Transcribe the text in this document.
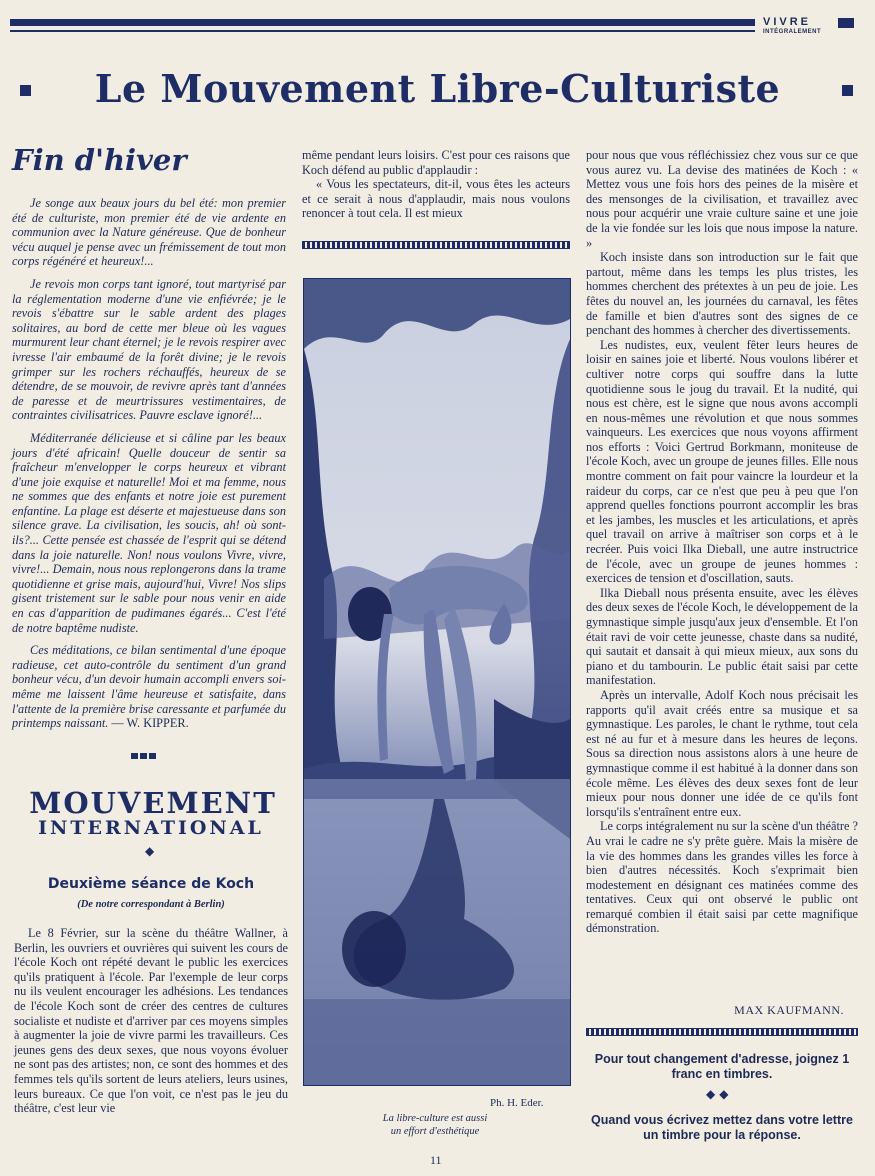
VIVRE
INTÉGRALEMENT
Le Mouvement Libre-Culturiste
Fin d'hiver

Je songe aux beaux jours du bel été: mon premier été de culturiste, mon premier été de vie ardente en communion avec la Nature généreuse. Que de bonheur vécu auquel je pense avec un frémissement de tout mon corps régénéré et heureux!...

Je revois mon corps tant ignoré, tout martyrisé par la réglementation moderne d'une vie enfiévrée; je le revois s'ébattre sur le sable ardent des plages solitaires, au bord de cette mer bleue où les vagues murmurent leur chant éternel; je le revois respirer avec ivresse l'air embaumé de la forêt divine; je le revois grimper sur les rochers réchauffés, heureux de se détendre, de se mouvoir, de revivre après tant d'années de paresse et de meurtrissures vestimentaires, de contraintes civilisatrices. Pauvre esclave ignoré!...

Méditerranée délicieuse et si câline par les beaux jours d'été africain! Quelle douceur de sentir sa fraîcheur m'envelopper le corps heureux et vibrant d'une joie exquise et naturelle! Moi et ma femme, nous ne sommes que des enfants et notre joie est purement enfantine. La plage est déserte et majestueuse dans son silence grave. La civilisation, les soucis, ah! où sont-ils?... Cette pensée est chassée de l'esprit qui se détend dans la joie naturelle. Non! nous voulons Vivre, vivre, vivre!... Demain, nous nous replongerons dans la trame quotidienne et grise mais, aujourd'hui, Vivre! Nos slips gisent tristement sur le sable pour nous venir en aide en cas d'apparition de pudimanes égarés... C'est l'été de notre baptême nudiste.

Ces méditations, ce bilan sentimental d'une époque radieuse, cet auto-contrôle du sentiment d'un grand bonheur vécu, d'un devoir humain accompli envers soi-même me laissent l'âme heureuse et satisfaite, dans l'attente de la première brise caressante et parfumée du printemps naissant. — W. KIPPER.

MOUVEMENT
INTERNATIONAL
◆
Deuxième séance de Koch
(De notre correspondant à Berlin)

Le 8 Février, sur la scène du théâtre Wallner, à Berlin, les ouvriers et ouvrières qui suivent les cours de l'école Koch ont répété devant le public les exercices qu'ils pratiquent à l'école. Par l'exemple de leur corps nu ils veulent encourager les adhésions. Les tendances de l'école Koch sont de créer des centres de cultures socialiste et nudiste et d'arriver par ces moyens simples à augmenter la joie de vivre parmi les travailleurs. Ces jeunes gens des deux sexes, que nous voyons évoluer ne sont pas des artistes; non, ce sont des hommes et des femmes tels qu'ils sortent de leurs ateliers, leurs usines, leurs bureaux. Ce que l'on voit, ce n'est pas le jeu du théâtre, c'est leur vie

même pendant leurs loisirs. C'est pour ces raisons que Koch défend au public d'applaudir :

« Vous les spectateurs, dit-il, vous êtes les acteurs et ce serait à nous d'applaudir, mais nous voulons renoncer à tout cela. Il est mieux

Ph. H. Eder.
La libre-culture est aussi
un effort d'esthétique

pour nous que vous réfléchissiez chez vous sur ce que vous aurez vu. La devise des matinées de Koch : « Mettez vous une fois hors des peines de la misère et des mensonges de la civilisation, et travaillez avec nous pour acquérir une vraie culture saine et une joie de la vie fondée sur les lois que nous impose la nature. »

Koch insiste dans son introduction sur le fait que partout, même dans les temps les plus tristes, les hommes cherchent des prétextes à un peu de joie. Les fêtes du nouvel an, les journées du carnaval, les fêtes de famille et bien d'autres sont des signes de ce penchant des hommes à chercher des divertissements.

Les nudistes, eux, veulent fêter leurs heures de loisir en saines joie et liberté. Nous voulons libérer et cultiver notre corps qui souffre dans la lutte quotidienne sous le joug du travail. Et la nudité, qui nous est chère, est le signe que nous avons accompli en nous-mêmes une révolution et que nous sommes vainqueurs. Les exercices que nous voyons affirment nos efforts : Voici Gertrud Borkmann, moniteuse de l'école Koch, avec un groupe de jeunes filles. Elle nous montre comment on fait pour vaincre la lourdeur et la raideur du corps, car ce n'est que peu à peu que l'on apprend quelles fonctions pourront accomplir les bras et les jambes, les muscles et les articulations, et après quel travail on arrive à maîtriser son corps et à le recréer. Puis voici Ilka Dieball, une autre instructrice de l'école, avec un groupe de jeunes hommes : exercices de tension et d'oscillation, sauts.

Ilka Dieball nous présenta ensuite, avec les élèves des deux sexes de l'école Koch, le développement de la gymnastique simple jusqu'aux jeux d'ensemble. Et l'on était ravi de voir cette jeunesse, chaste dans sa nudité, qui sautait et dansait à qui mieux mieux, aux sons du piano et du tambourin. Le public était saisi par cette manifestation.

Après un intervalle, Adolf Koch nous précisait les rapports qu'il avait créés entre sa musique et sa gymnastique. Les paroles, le chant le rythme, tout cela est né au fur et à mesure dans les heures de leçons. Sous sa direction nous assistons alors à une heure de gymnastique comme il est habitué à la donner dans son école même. Les élèves des deux sexes font de leur mieux pour nous donner une idée de ce qu'ils font lorsqu'ils s'entraînent entre eux.

Le corps intégralement nu sur la scène d'un théâtre ? Au vrai le cadre ne s'y prête guère. Mais la misère de la vie des hommes dans les grandes villes les force à bien d'autres nécessités. Koch s'exprimait bien modestement en désignant ces matinées comme des tentatives. Ceux qui ont observé le public ont remarqué combien il était saisi par cette magnifique démonstration.

MAX KAUFMANN.
Pour tout changement d'adresse, joignez 1 franc en timbres.
◆◆
Quand vous écrivez mettez dans votre lettre un timbre pour la réponse.
11
